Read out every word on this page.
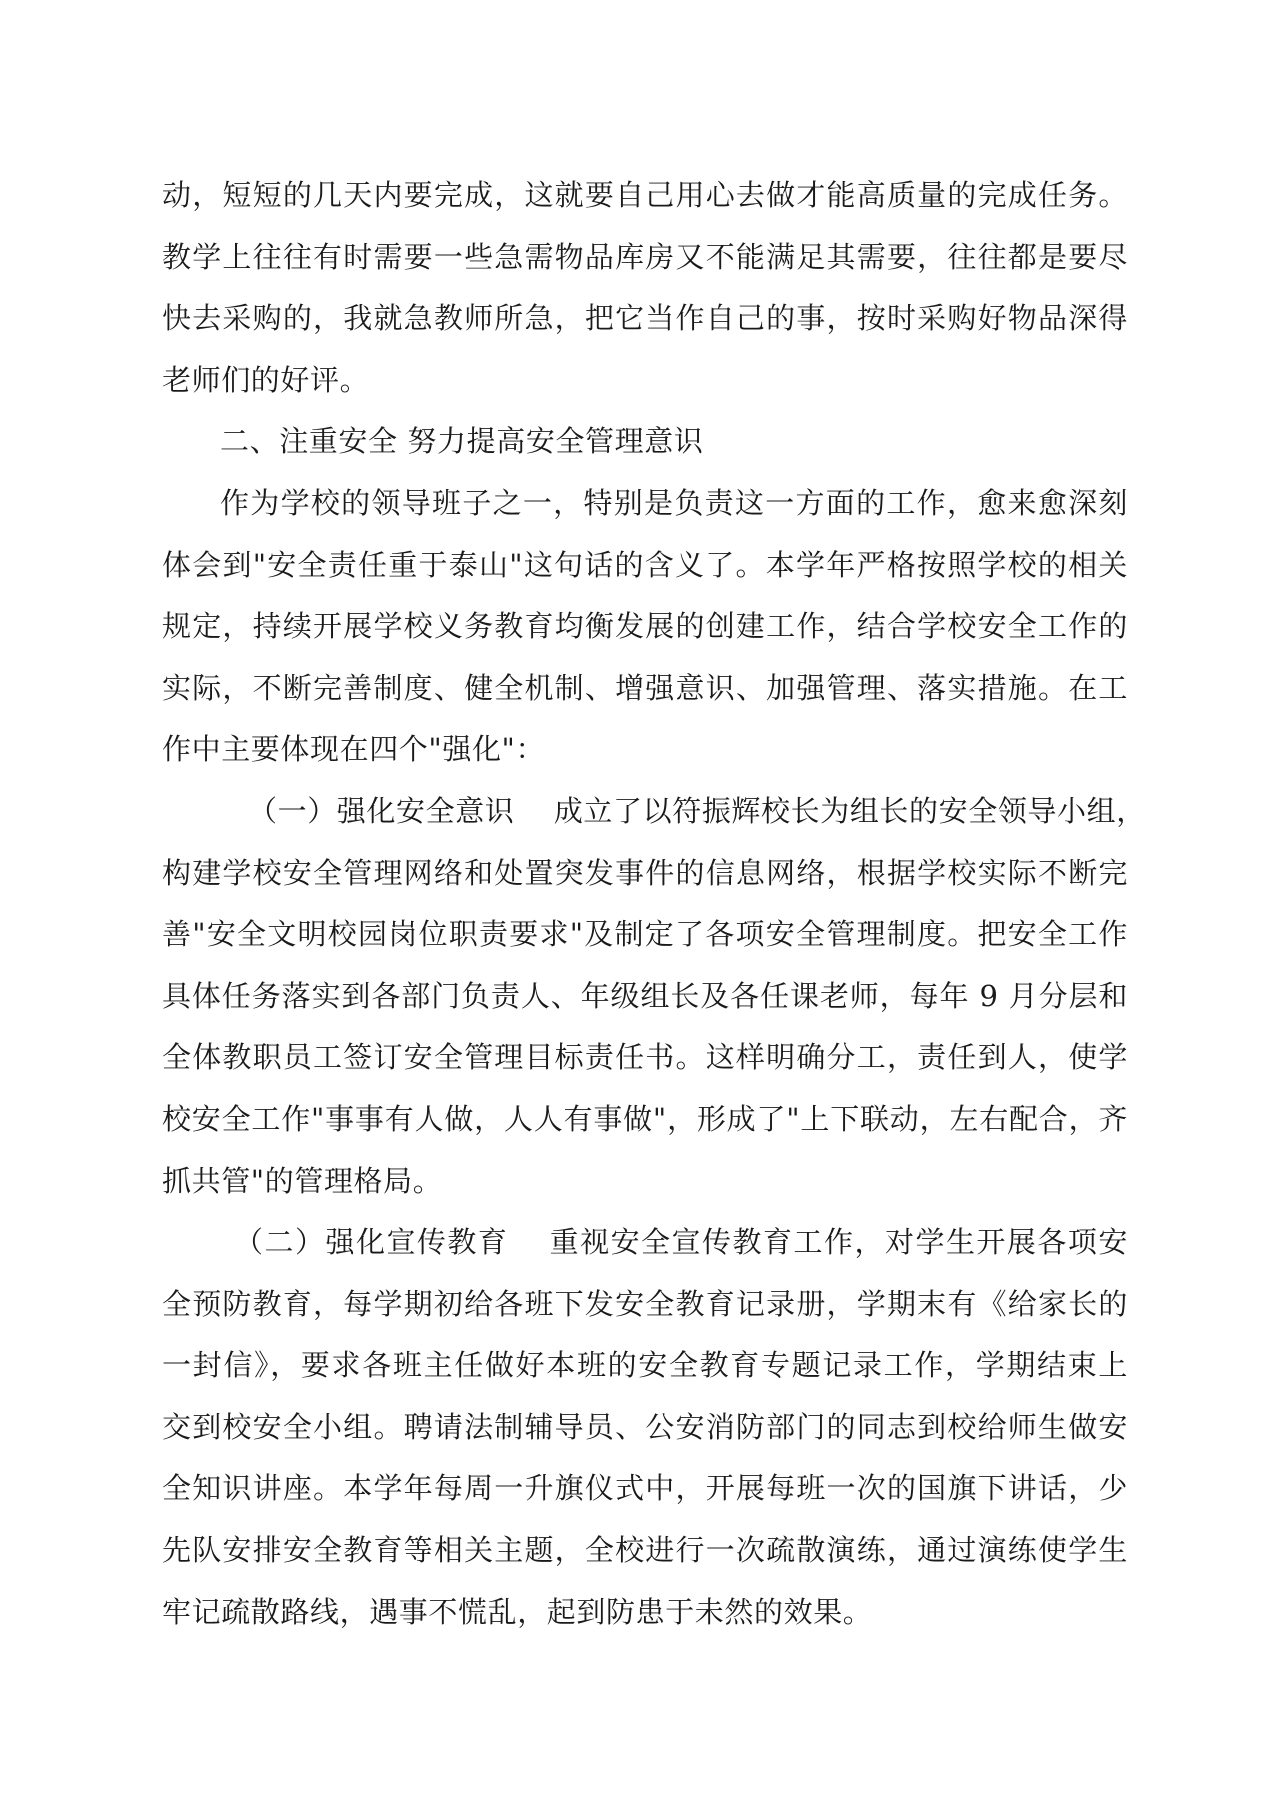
动，短短的几天内要完成，这就要自己用心去做才能高质量的完成任务。
教学上往往有时需要一些急需物品库房又不能满足其需要，往往都是要尽
快去采购的，我就急教师所急，把它当作自己的事，按时采购好物品深得
老师们的好评。
二、注重安全 努力提高安全管理意识
作为学校的领导班子之一，特别是负责这一方面的工作，愈来愈深刻
体会到"安全责任重于泰山"这句话的含义了。本学年严格按照学校的相关
规定，持续开展学校义务教育均衡发展的创建工作，结合学校安全工作的
实际，不断完善制度、健全机制、增强意识、加强管理、落实措施。在工
作中主要体现在四个"强化"：
（一）强化安全意识　 成立了以符振辉校长为组长的安全领导小组，
构建学校安全管理网络和处置突发事件的信息网络，根据学校实际不断完
善"安全文明校园岗位职责要求"及制定了各项安全管理制度。把安全工作
具体任务落实到各部门负责人、年级组长及各任课老师，每年 9 月分层和
全体教职员工签订安全管理目标责任书。这样明确分工，责任到人，使学
校安全工作"事事有人做，人人有事做"，形成了"上下联动，左右配合，齐
抓共管"的管理格局。
（二）强化宣传教育　 重视安全宣传教育工作，对学生开展各项安
全预防教育，每学期初给各班下发安全教育记录册，学期末有《给家长的
一封信》，要求各班主任做好本班的安全教育专题记录工作，学期结束上
交到校安全小组。聘请法制辅导员、公安消防部门的同志到校给师生做安
全知识讲座。本学年每周一升旗仪式中，开展每班一次的国旗下讲话，少
先队安排安全教育等相关主题，全校进行一次疏散演练，通过演练使学生
牢记疏散路线，遇事不慌乱，起到防患于未然的效果。
